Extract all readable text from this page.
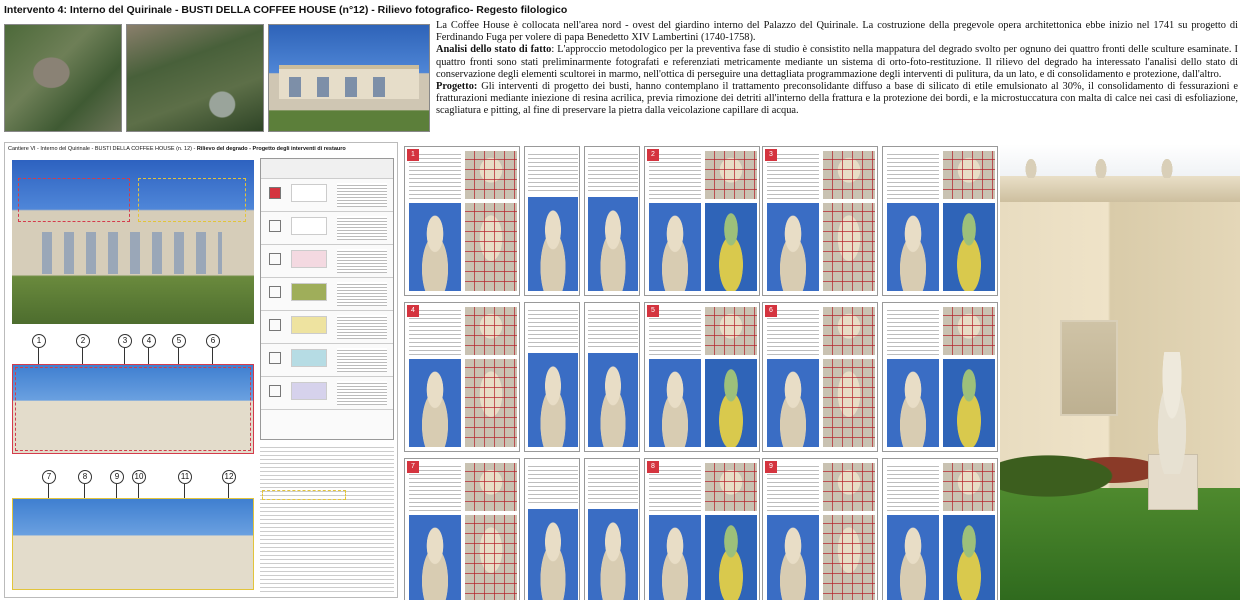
Intervento 4: Interno del Quirinale - BUSTI DELLA COFFEE HOUSE (n°12) - Rilievo fotografico- Regesto filologico
La Coffee House è collocata nell'area nord - ovest del giardino interno del Palazzo del Quirinale. La costruzione della pregevole opera architettonica ebbe inizio nel 1741 su progetto di Ferdinando Fuga per volere di papa Benedetto XIV Lambertini (1740-1758).
Analisi dello stato di fatto: L'approccio metodologico per la preventiva fase di studio è consistito nella mappatura del degrado svolto per ognuno dei quattro fronti delle sculture esaminate. I quattro fronti sono stati preliminarmente fotografati e referenziati metricamente mediante un sistema di orto-foto-restituzione. Il rilievo del degrado ha interessato l'analisi dello stato di conservazione degli elementi scultorei in marmo, nell'ottica di perseguire una dettagliata programmazione degli interventi di pulitura, da un lato, e di consolidamento e protezione, dall'altro.
Progetto: Gli interventi di progetto dei busti, hanno contemplano il trattamento preconsolidante diffuso a base di silicato di etile emulsionato al 30%, il consolidamento di fessurazioni e fratturazioni mediante iniezione di resina acrilica, previa rimozione dei detriti all'interno della frattura e la protezione dei bordi, e la microstuccatura con malta di calce nei casi di esfoliazione, scagliatura e pitting, al fine di preservare la pietra dalla veicolazione capillare di acqua.
Cantiere VI - Interno del Quirinale - BUSTI DELLA COFFEE HOUSE (n. 12) - Rilievo del degrado - Progetto degli interventi di restauro
1	2	3	4	5	6
7	8	9	10	11	12
1	2	3
4	5	6
7	8	9
